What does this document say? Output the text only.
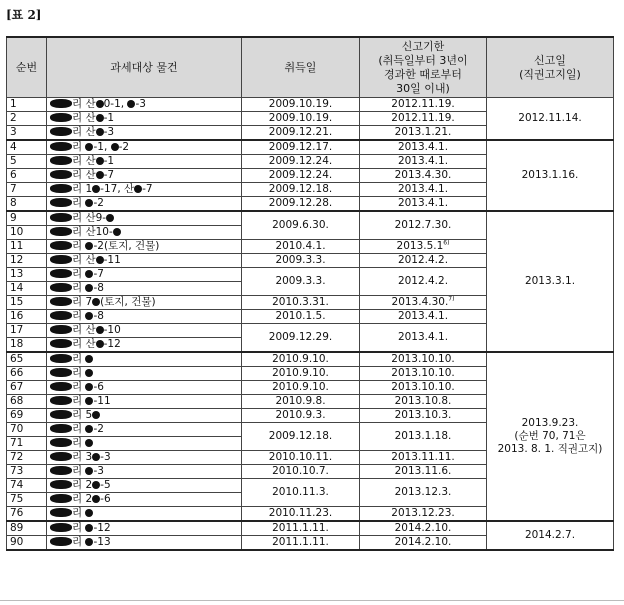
[표 2]
순번	과세대상 물건	취득일	신고기한
(취득일부터 3년이
경과한 때로부터
30일 이내)	신고일
(직권고지일)
1	리 산 0-1, -3	2009.10.19.	2012.11.19.	2012.11.14.
2	리 산 -1	2009.10.19.	2012.11.19.	
3	리 산 -3	2009.12.21.	2013.1.21.	
4	리 -1, -2	2009.12.17.	2013.4.1.	2013.1.16.
5	리 산 -1	2009.12.24.	2013.4.1.	
6	리 산 -7	2009.12.24.	2013.4.30.	
7	리 1 -17, 산 -7	2009.12.18.	2013.4.1.	
8	리 -2	2009.12.28.	2013.4.1.	
9	리 산9-	2009.6.30.	2012.7.30.	2013.3.1.
10	리 산10-			
11	리 -2(토지, 건물)	2010.4.1.	2013.5.1$^{6)}$
12	리 산 -11	2009.3.3.	2012.4.2.	
13	리 -7	2009.3.3.	2012.4.2.	
14	리 -8			
15	리 7 (토지, 건물)	2010.3.31.	2013.4.30.$^{7)}$
16	리 -8	2010.1.5.	2013.4.1.	
17	리 산 -10	2009.12.29.	2013.4.1.	
18	리 산 -12			
65	리	2010.9.10.	2013.10.10.	2013.9.23.
(순번 70, 71은
2013. 8. 1. 직권고지)
66	리	2010.9.10.	2013.10.10.	
67	리 -6	2010.9.10.	2013.10.10.	
68	리 -11	2010.9.8.	2013.10.8.	
69	리 5	2010.9.3.	2013.10.3.	
70	리 -2	2009.12.18.	2013.1.18.	
71	리			
72	리 3 -3	2010.10.11.	2013.11.11.	
73	리 -3	2010.10.7.	2013.11.6.	
74	리 2 -5	2010.11.3.	2013.12.3.	
75	리 2 -6			
76	리	2010.11.23.	2013.12.23.	
89	리 -12	2011.1.11.	2014.2.10.	2014.2.7.
90	리 -13	2011.1.11.	2014.2.10.	
